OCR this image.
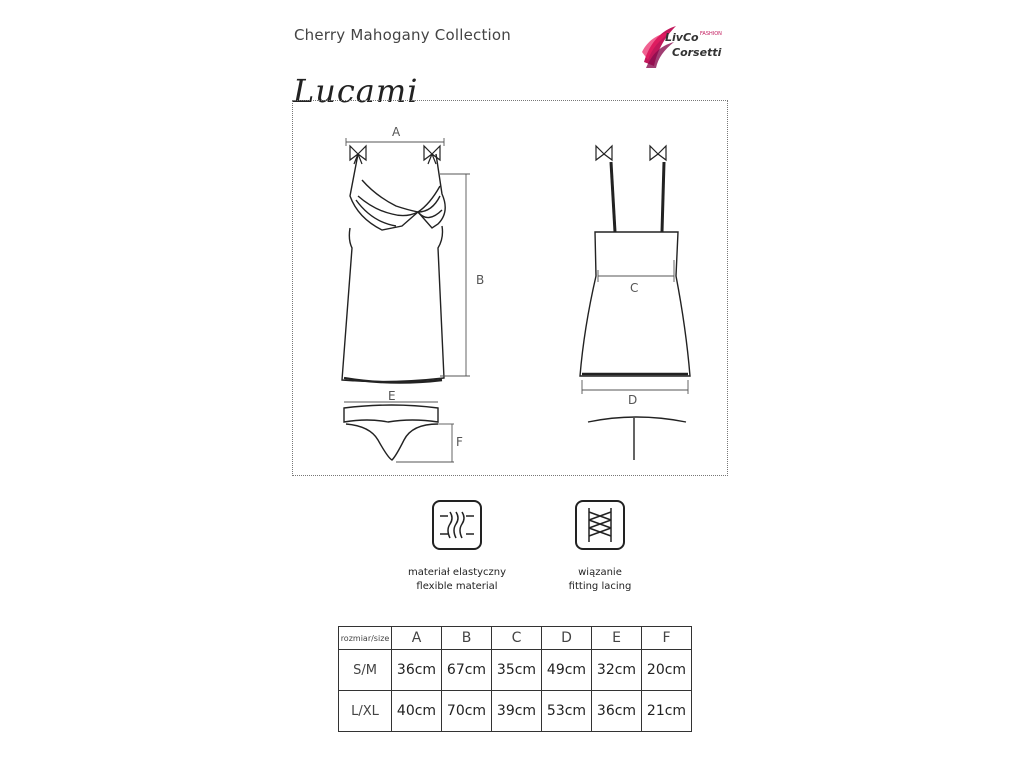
Cherry Mahogany Collection	LivCo FASHION
Corsetti
Lucami
A
B
C
D
E
F
materiał elastyczny
flexible material
wiązanie
fitting lacing
rozmiar/size	A	B	C	D	E	F
S/M	36cm	67cm	35cm	49cm	32cm	20cm
L/XL	40cm	70cm	39cm	53cm	36cm	21cm
